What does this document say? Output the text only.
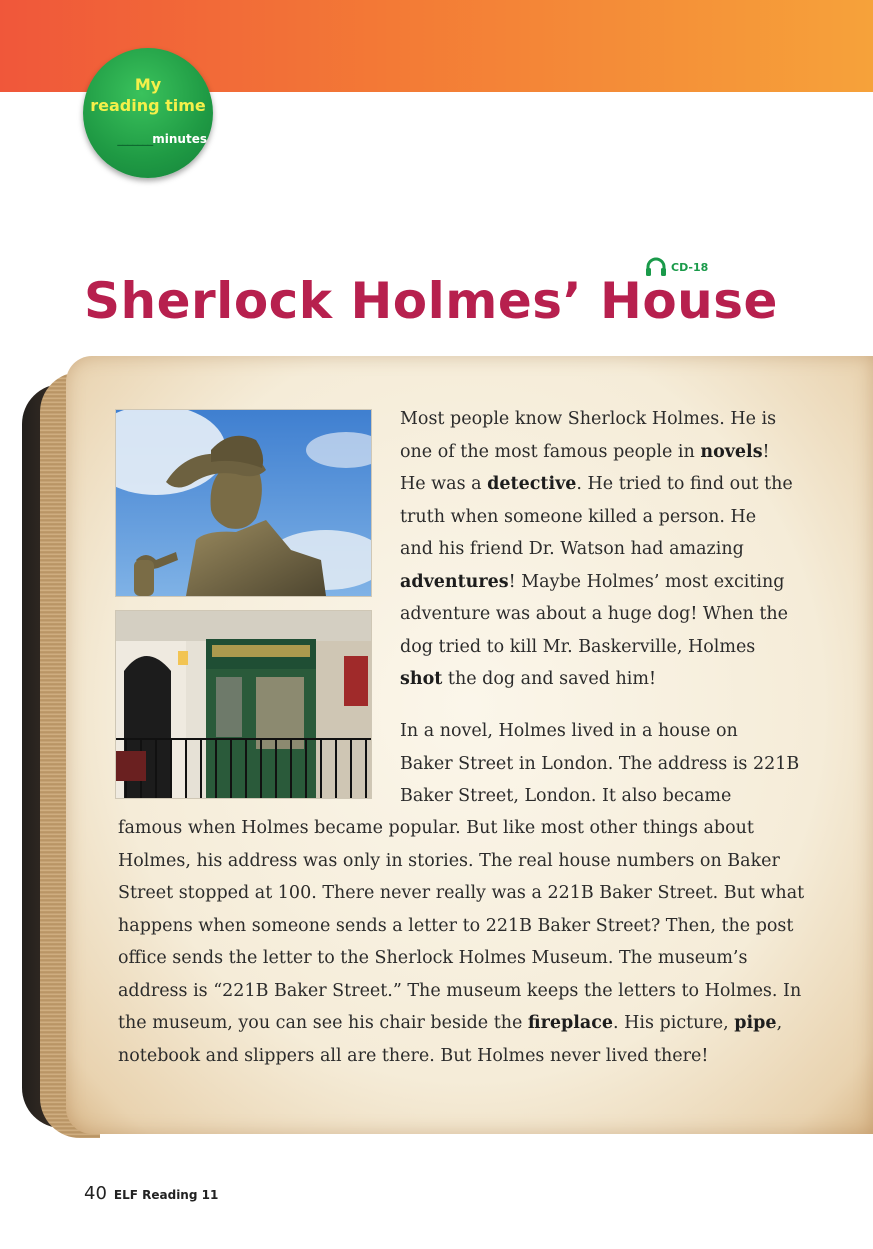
My
reading time
_______minutes
CD-18
Sherlock Holmes’ House
Most people know Sherlock Holmes. He is
one of the most famous people in novels!
He was a detective. He tried to find out the
truth when someone killed a person. He
and his friend Dr. Watson had amazing
adventures! Maybe Holmes’ most exciting
adventure was about a huge dog! When the
dog tried to kill Mr. Baskerville, Holmes
shot the dog and saved him!
In a novel, Holmes lived in a house on
Baker Street in London. The address is 221B
Baker Street, London. It also became
famous when Holmes became popular. But like most other things about
Holmes, his address was only in stories. The real house numbers on Baker
Street stopped at 100. There never really was a 221B Baker Street. But what
happens when someone sends a letter to 221B Baker Street? Then, the post
office sends the letter to the Sherlock Holmes Museum. The museum’s
address is “221B Baker Street.” The museum keeps the letters to Holmes. In
the museum, you can see his chair beside the fireplace. His picture, pipe,
notebook and slippers all are there. But Holmes never lived there!
40 ELF Reading 11
